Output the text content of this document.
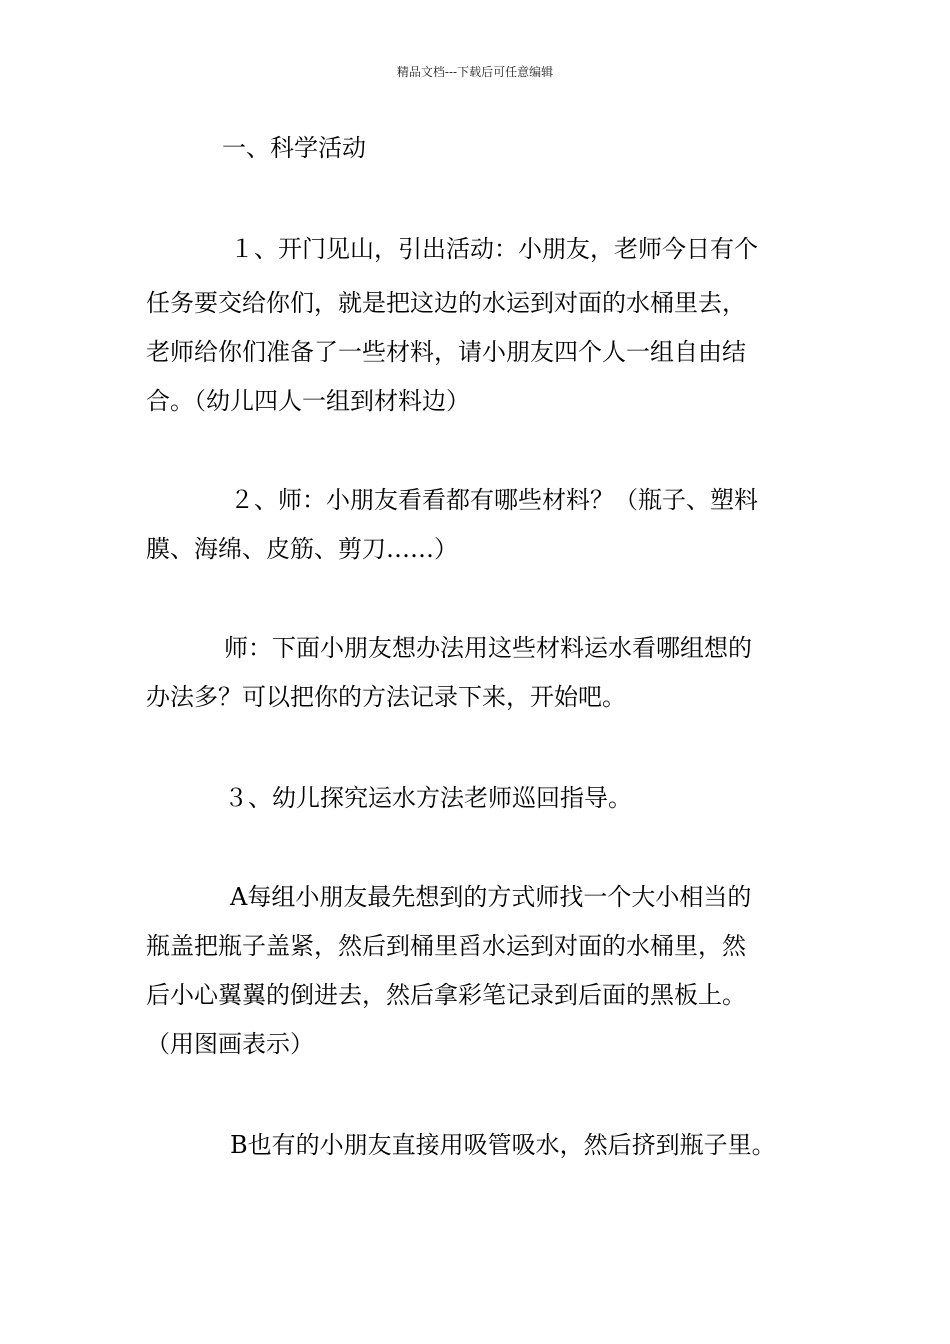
精品文档---下载后可任意编辑
一、科学活动
１、开门见山，引出活动：小朋友，老师今日有个
任务要交给你们，就是把这边的水运到对面的水桶里去，
老师给你们准备了一些材料，请小朋友四个人一组自由结
合。（幼儿四人一组到材料边）
２、师：小朋友看看都有哪些材料？（瓶子、塑料
膜、海绵、皮筋、剪刀……）
师：下面小朋友想办法用这些材料运水看哪组想的
办法多？可以把你的方法记录下来，开始吧。
３、幼儿探究运水方法老师巡回指导。
A每组小朋友最先想到的方式师找一个大小相当的
瓶盖把瓶子盖紧，然后到桶里舀水运到对面的水桶里，然
后小心翼翼的倒进去，然后拿彩笔记录到后面的黑板上。
（用图画表示）
B也有的小朋友直接用吸管吸水，然后挤到瓶子里。
